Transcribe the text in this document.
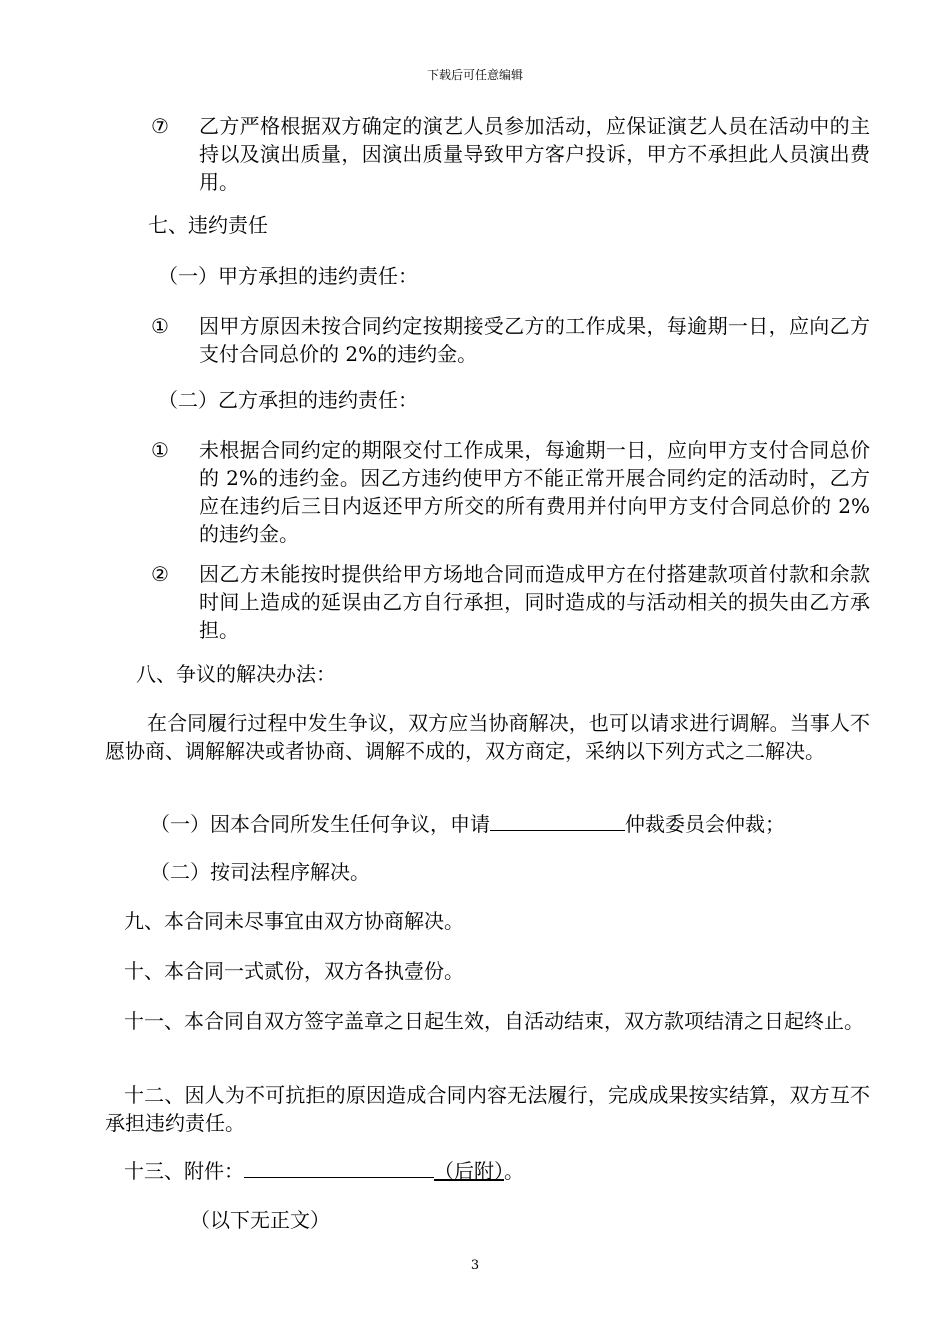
下载后可任意编辑
⑦	乙方严格根据双方确定的演艺人员参加活动，应保证演艺人员在活动中的主持以及演出质量，因演出质量导致甲方客户投诉，甲方不承担此人员演出费用。
七、违约责任
（一）甲方承担的违约责任：
①	因甲方原因未按合同约定按期接受乙方的工作成果，每逾期一日，应向乙方支付合同总价的 2%的违约金。
（二）乙方承担的违约责任：
①	未根据合同约定的期限交付工作成果，每逾期一日，应向甲方支付合同总价的 2%的违约金。因乙方违约使甲方不能正常开展合同约定的活动时，乙方应在违约后三日内返还甲方所交的所有费用并付向甲方支付合同总价的 2%的违约金。
②	因乙方未能按时提供给甲方场地合同而造成甲方在付搭建款项首付款和余款时间上造成的延误由乙方自行承担，同时造成的与活动相关的损失由乙方承担。
八、争议的解决办法：
在合同履行过程中发生争议，双方应当协商解决，也可以请求进行调解。当事人不愿协商、调解解决或者协商、调解不成的，双方商定，采纳以下列方式之二解决。
（一）因本合同所发生任何争议，申请	仲裁委员会仲裁；
（二）按司法程序解决。
九、本合同未尽事宜由双方协商解决。
十、本合同一式贰份，双方各执壹份。
十一、本合同自双方签字盖章之日起生效，自活动结束，双方款项结清之日起终止。
十二、因人为不可抗拒的原因造成合同内容无法履行，完成成果按实结算，双方互不承担违约责任。
十三、附件：	（后附）。
（以下无正文）
3
